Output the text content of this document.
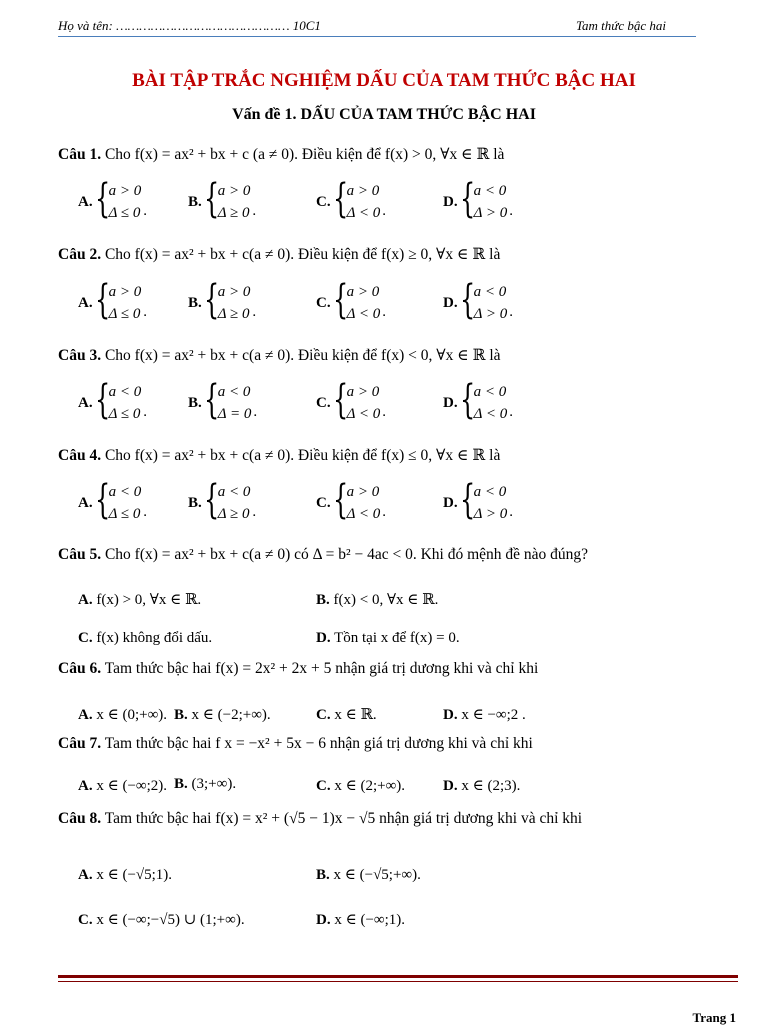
Họ và tên: ……………………………………… 10C1	Tam thức bậc hai
BÀI TẬP TRẮC NGHIỆM DẤU CỦA TAM THỨC BẬC HAI
Vấn đề 1. DẤU CỦA TAM THỨC BẬC HAI
Câu 1. Cho f(x) = ax² + bx + c (a ≠ 0). Điều kiện để f(x) > 0, ∀x ∈ ℝ là
A. {
a > 0
Δ ≤ 0 .
B. {
a > 0
Δ ≥ 0 .
C. {
a > 0
Δ < 0 .
D. {
a < 0
Δ > 0 .
Câu 2. Cho f(x) = ax² + bx + c(a ≠ 0). Điều kiện để f(x) ≥ 0, ∀x ∈ ℝ là
A. {
a > 0
Δ ≤ 0 .
B. {
a > 0
Δ ≥ 0 .
C. {
a > 0
Δ < 0 .
D. {
a < 0
Δ > 0 .
Câu 3. Cho f(x) = ax² + bx + c(a ≠ 0). Điều kiện để f(x) < 0, ∀x ∈ ℝ là
A. {
a < 0
Δ ≤ 0 .
B. {
a < 0
Δ = 0 .
C. {
a > 0
Δ < 0 .
D. {
a < 0
Δ < 0 .
Câu 4. Cho f(x) = ax² + bx + c(a ≠ 0). Điều kiện để f(x) ≤ 0, ∀x ∈ ℝ là
A. {
a < 0
Δ ≤ 0 .
B. {
a < 0
Δ ≥ 0 .
C. {
a > 0
Δ < 0 .
D. {
a < 0
Δ > 0 .
Câu 5. Cho f(x) = ax² + bx + c(a ≠ 0) có Δ = b² − 4ac < 0. Khi đó mệnh đề nào đúng?
A. f(x) > 0, ∀x ∈ ℝ.	B. f(x) < 0, ∀x ∈ ℝ.
C. f(x) không đổi dấu.	D. Tồn tại x để f(x) = 0.
Câu 6. Tam thức bậc hai f(x) = 2x² + 2x + 5 nhận giá trị dương khi và chỉ khi
A. x ∈ (0;+∞). B. x ∈ (−2;+∞).	C. x ∈ ℝ.	D. x ∈ −∞;2 .
Câu 7. Tam thức bậc hai f x = −x² + 5x − 6 nhận giá trị dương khi và chỉ khi
A. x ∈ (−∞;2). B. (3;+∞).	C. x ∈ (2;+∞).	D. x ∈ (2;3).
Câu 8. Tam thức bậc hai f(x) = x² + (√5 − 1)x − √5 nhận giá trị dương khi và chỉ khi
A. x ∈ (−√5;1).	B. x ∈ (−√5;+∞).
C. x ∈ (−∞;−√5) ∪ (1;+∞).	D. x ∈ (−∞;1).
Trang 1
